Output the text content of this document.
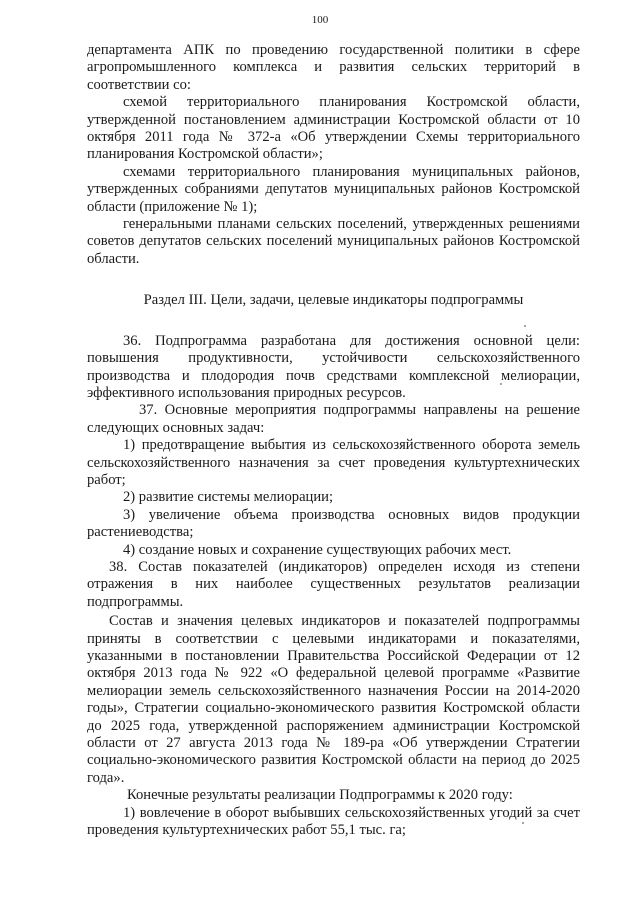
100

департамента АПК по проведению государственной политики в сфере агропромышленного комплекса и развития сельских территорий в соответствии со:

схемой территориального планирования Костромской области, утвержденной постановлением администрации Костромской области от 10 октября 2011 года № 372-а «Об утверждении Схемы территориального планирования Костромской области»;

схемами территориального планирования муниципальных районов, утвержденных собраниями депутатов муниципальных районов Костромской области (приложение № 1);

генеральными планами сельских поселений, утвержденных решениями советов депутатов сельских поселений муниципальных районов Костромской области.

Раздел III. Цели, задачи, целевые индикаторы подпрограммы

36. Подпрограмма разработана для достижения основной цели: повышения продуктивности, устойчивости сельскохозяйственного производства и плодородия почв средствами комплексной мелиорации, эффективного использования природных ресурсов.

37. Основные мероприятия подпрограммы направлены на решение следующих основных задач:

1) предотвращение выбытия из сельскохозяйственного оборота земель сельскохозяйственного назначения за счет проведения культуртехнических работ;

2) развитие системы мелиорации;

3) увеличение объема производства основных видов продукции растениеводства;

4) создание новых и сохранение существующих рабочих мест.

38. Состав показателей (индикаторов) определен исходя из степени отражения в них наиболее существенных результатов реализации подпрограммы.

Состав и значения целевых индикаторов и показателей подпрограммы приняты в соответствии с целевыми индикаторами и показателями, указанными в постановлении Правительства Российской Федерации от 12 октября 2013 года № 922 «О федеральной целевой программе «Развитие мелиорации земель сельскохозяйственного назначения России на 2014-2020 годы», Стратегии социально-экономического развития Костромской области до 2025 года, утвержденной распоряжением администрации Костромской области от 27 августа 2013 года № 189-ра «Об утверждении Стратегии социально-экономического развития Костромской области на период до 2025 года».

Конечные результаты реализации Подпрограммы к 2020 году:

1) вовлечение в оборот выбывших сельскохозяйственных угодий за счет проведения культуртехнических работ 55,1 тыс. га;
